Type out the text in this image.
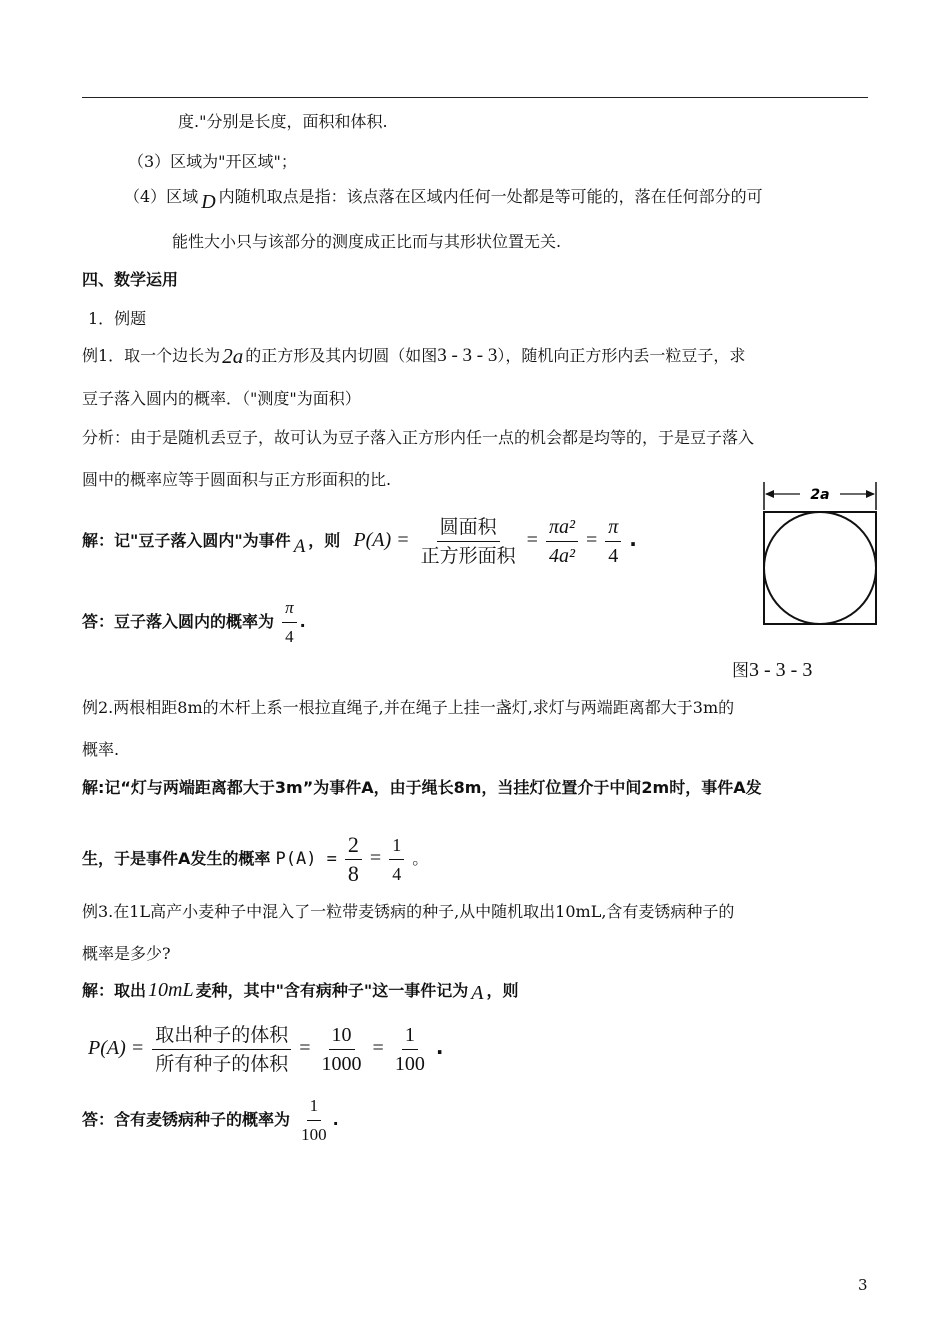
度."分别是长度，面积和体积.
（3）区域为"开区域"；
（4）区域 D 内随机取点是指：该点落在区域内任何一处都是等可能的，落在任何部分的可
能性大小只与该部分的测度成正比而与其形状位置无关.
四、数学运用
1．例题
例1．取一个边长为2a 的正方形及其内切圆（如图3 - 3 - 3），随机向正方形内丢一粒豆子，求
豆子落入圆内的概率．（"测度"为面积）
分析：由于是随机丢豆子，故可认为豆子落入正方形内任一点的机会都是均等的，于是豆子落入
圆中的概率应等于圆面积与正方形面积的比.
解：记"豆子落入圆内"为事件 A ，则 $P(A) = \frac{\text{圆面积}}{\text{正方形面积}} = \frac{\text{πa²}}{\text{4a²}} = \frac{\pi}{4}$ .
答：豆子落入圆内的概率为 $\frac{\pi}{4}$ .
2a
图3 - 3 - 3
例2.两根相距8m的木杆上系一根拉直绳子,并在绳子上挂一盏灯,求灯与两端距离都大于3m的
概率.
解:记“灯与两端距离都大于3m”为事件A，由于绳长8m，当挂灯位置介于中间2m时，事件A发
生，于是事件A发生的概率 $P(A) = \frac{2}{8} = \frac{1}{4}$ 。
例3.在1L高产小麦种子中混入了一粒带麦锈病的种子,从中随机取出10mL,含有麦锈病种子的
概率是多少?
解：取出 10mL 麦种，其中"含有病种子"这一事件记为 A ，则
$P(A) = \frac{\text{取出种子的体积}}{\text{所有种子的体积}} = \frac{10}{1000} = \frac{1}{100}$ .
答：含有麦锈病种子的概率为 $\frac{1}{100}$ .
3
